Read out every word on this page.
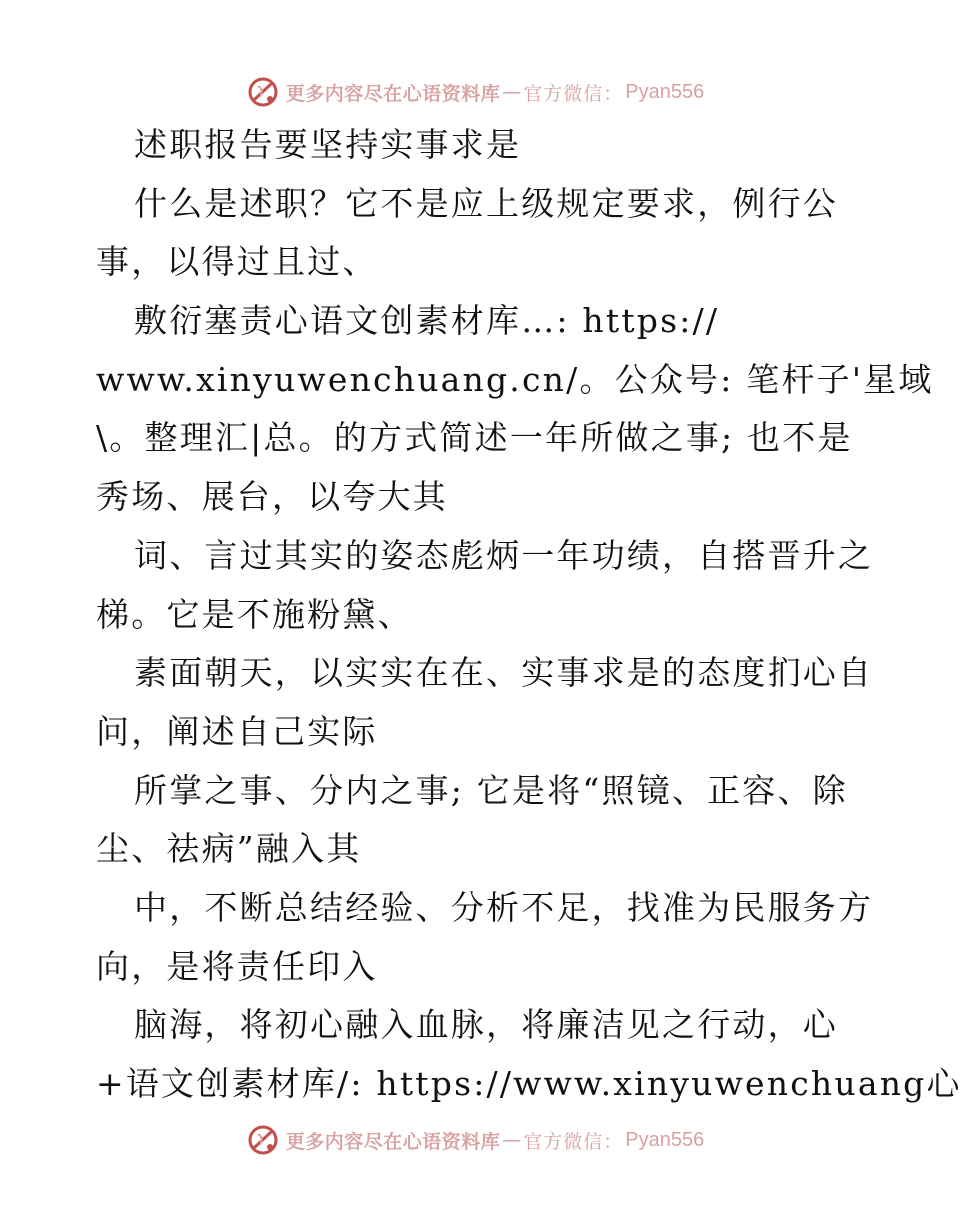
更多内容尽在心语资料库 — 官方微信： Pyan556
述职报告要坚持实事求是
什么是述职？它不是应上级规定要求，例行公
事，以得过且过、
敷衍塞责心语文创素材库…: https://
www.xinyuwenchuang.cn/。公众号: 笔杆子'星域
\。整理汇|总。的方式简述一年所做之事; 也不是
秀场、展台，以夸大其
词、言过其实的姿态彪炳一年功绩，自搭晋升之
梯。它是不施粉黛、
素面朝天，以实实在在、实事求是的态度扪心自
问，阐述自己实际
所掌之事、分内之事; 它是将“照镜、正容、除
尘、祛病”融入其
中，不断总结经验、分析不足，找准为民服务方
向，是将责任印入
脑海，将初心融入血脉，将廉洁见之行动，心
+语文创素材库/: https://www.xinyuwenchuang心
更多内容尽在心语资料库 — 官方微信： Pyan556
